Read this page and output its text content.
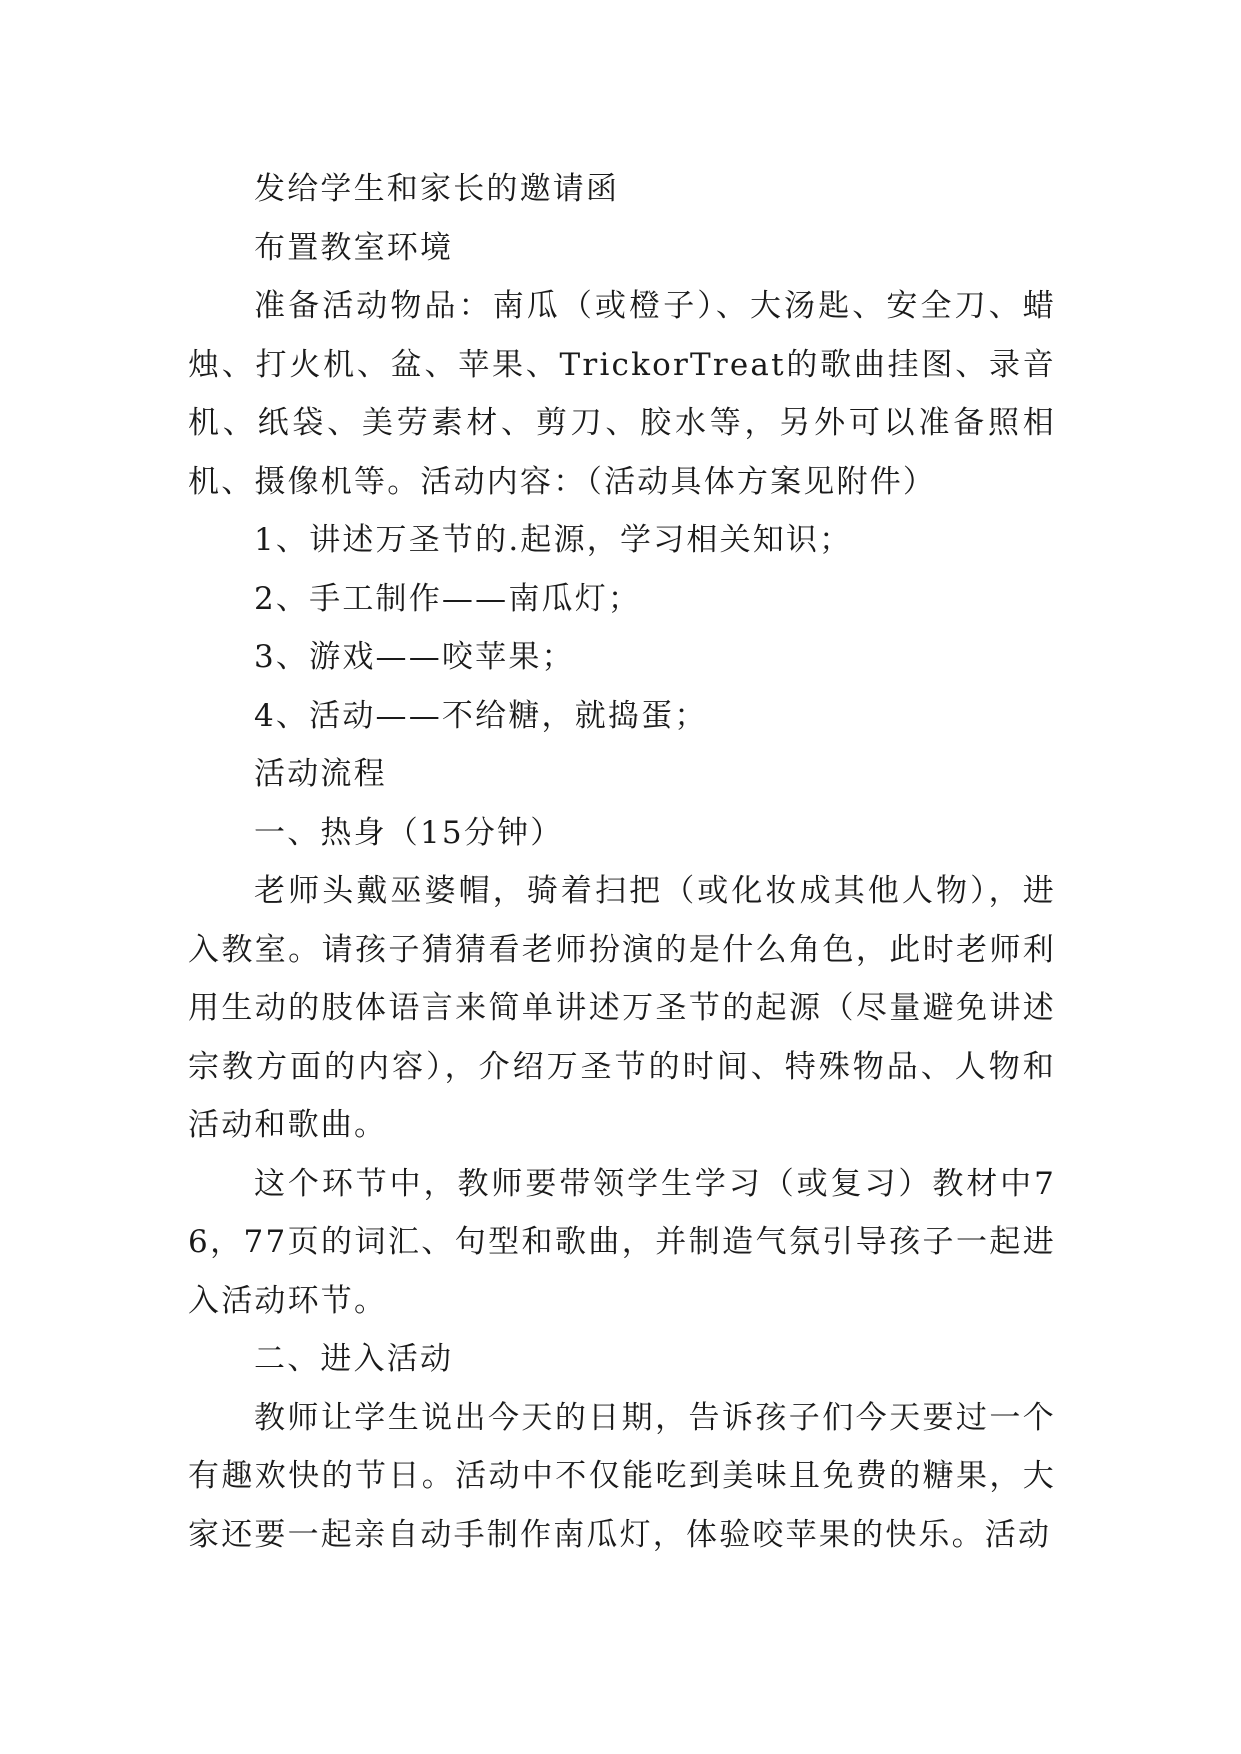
发给学生和家长的邀请函

布置教室环境

准备活动物品：南瓜（或橙子）、大汤匙、安全刀、蜡烛、打火机、盆、苹果、TrickorTreat的歌曲挂图、录音机、纸袋、美劳素材、剪刀、胶水等，另外可以准备照相机、摄像机等。活动内容：（活动具体方案见附件）

1、讲述万圣节的.起源，学习相关知识；

2、手工制作——南瓜灯；

3、游戏——咬苹果；

4、活动——不给糖，就捣蛋；

活动流程

一、热身（15分钟）

老师头戴巫婆帽，骑着扫把（或化妆成其他人物），进入教室。请孩子猜猜看老师扮演的是什么角色，此时老师利用生动的肢体语言来简单讲述万圣节的起源（尽量避免讲述宗教方面的内容），介绍万圣节的时间、特殊物品、人物和活动和歌曲。

这个环节中，教师要带领学生学习（或复习）教材中76，77页的词汇、句型和歌曲，并制造气氛引导孩子一起进入活动环节。

二、进入活动

教师让学生说出今天的日期，告诉孩子们今天要过一个有趣欢快的节日。活动中不仅能吃到美味且免费的糖果，大家还要一起亲自动手制作南瓜灯，体验咬苹果的快乐。活动
